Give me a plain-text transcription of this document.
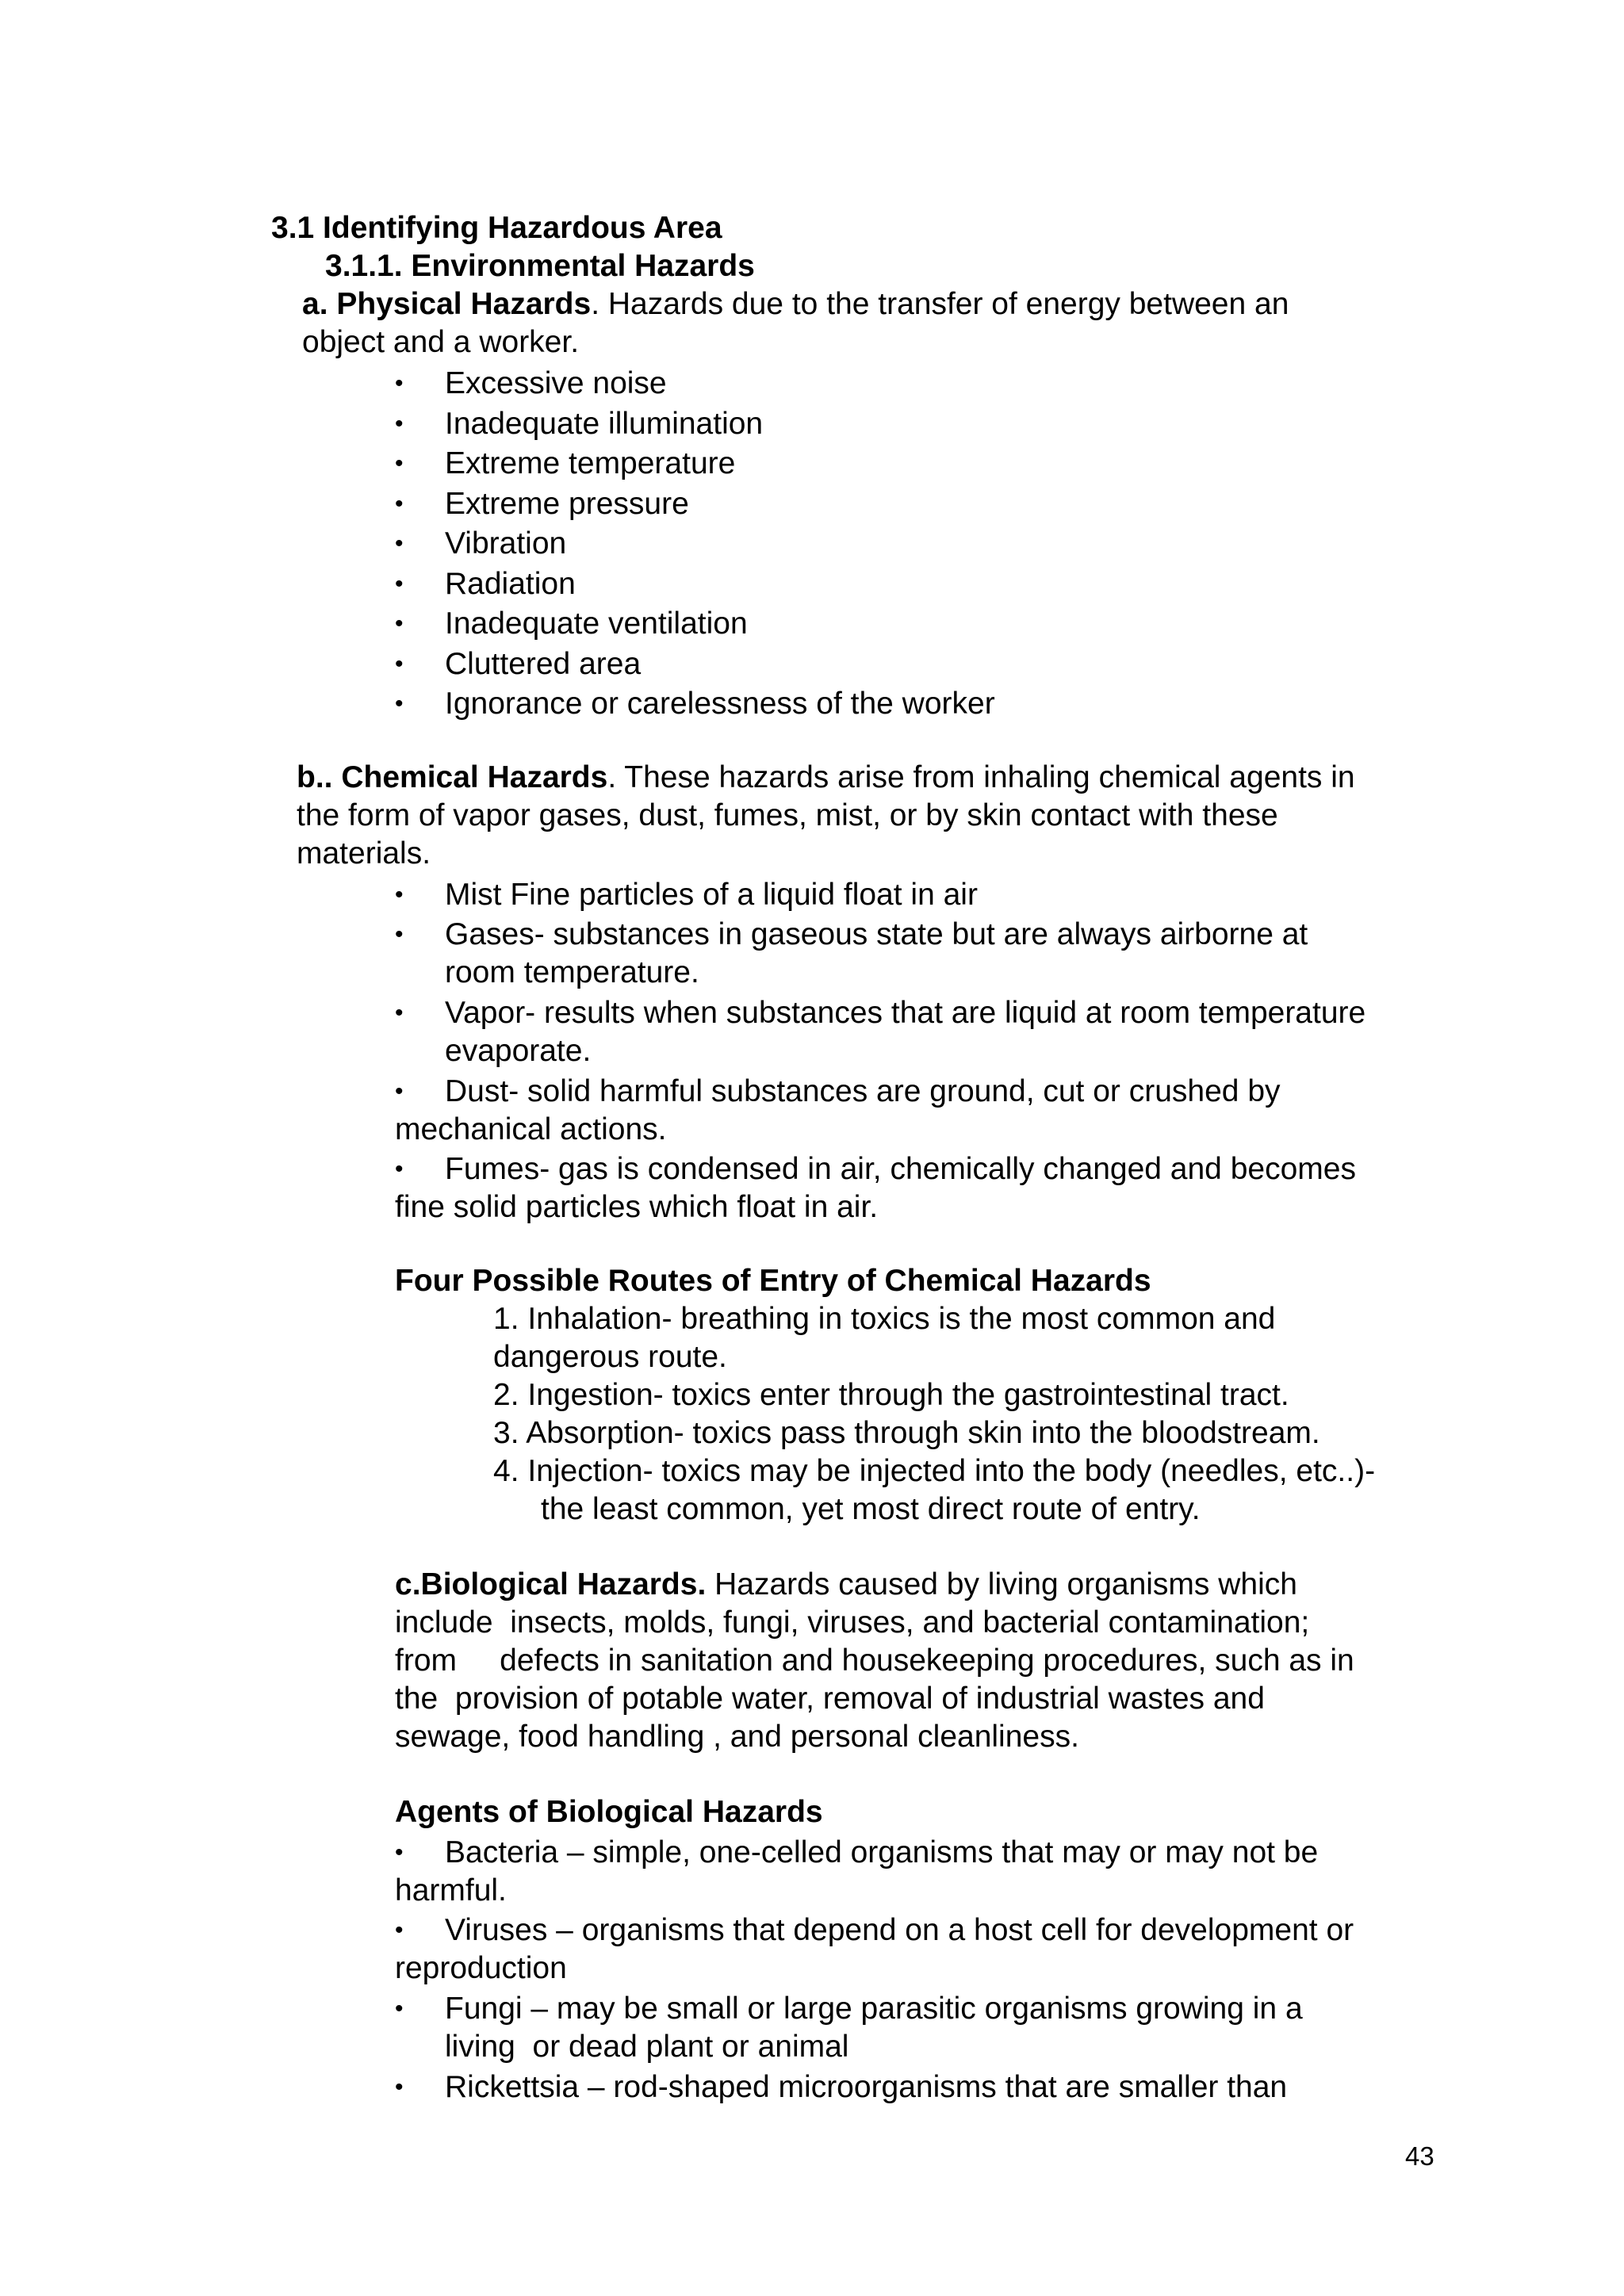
3.1 Identifying Hazardous Area
3.1.1. Environmental Hazards
a. Physical Hazards. Hazards due to the transfer of energy between an
object and a worker.
• Excessive noise
• Inadequate illumination
• Extreme temperature
• Extreme pressure
• Vibration
• Radiation
• Inadequate ventilation
• Cluttered area
• Ignorance or carelessness of the worker
b.. Chemical Hazards. These hazards arise from inhaling chemical agents in
the form of vapor gases, dust, fumes, mist, or by skin contact with these
materials.
• Mist Fine particles of a liquid float in air
• Gases- substances in gaseous state but are always airborne at
room temperature.
• Vapor- results when substances that are liquid at room temperature
evaporate.
• Dust- solid harmful substances are ground, cut or crushed by
mechanical actions.
• Fumes- gas is condensed in air, chemically changed and becomes
fine solid particles which float in air.
Four Possible Routes of Entry of Chemical Hazards
1. Inhalation- breathing in toxics is the most common and
dangerous route.
2. Ingestion- toxics enter through the gastrointestinal tract.
3. Absorption- toxics pass through skin into the bloodstream.
4. Injection- toxics may be injected into the body (needles, etc..)-
the least common, yet most direct route of entry.
c.Biological Hazards. Hazards caused by living organisms which
include  insects, molds, fungi, viruses, and bacterial contamination;
from     defects in sanitation and housekeeping procedures, such as in
the  provision of potable water, removal of industrial wastes and
sewage, food handling , and personal cleanliness.
Agents of Biological Hazards
• Bacteria – simple, one-celled organisms that may or may not be
harmful.
• Viruses – organisms that depend on a host cell for development or
reproduction
• Fungi – may be small or large parasitic organisms growing in a
living  or dead plant or animal
• Rickettsia – rod-shaped microorganisms that are smaller than
43
